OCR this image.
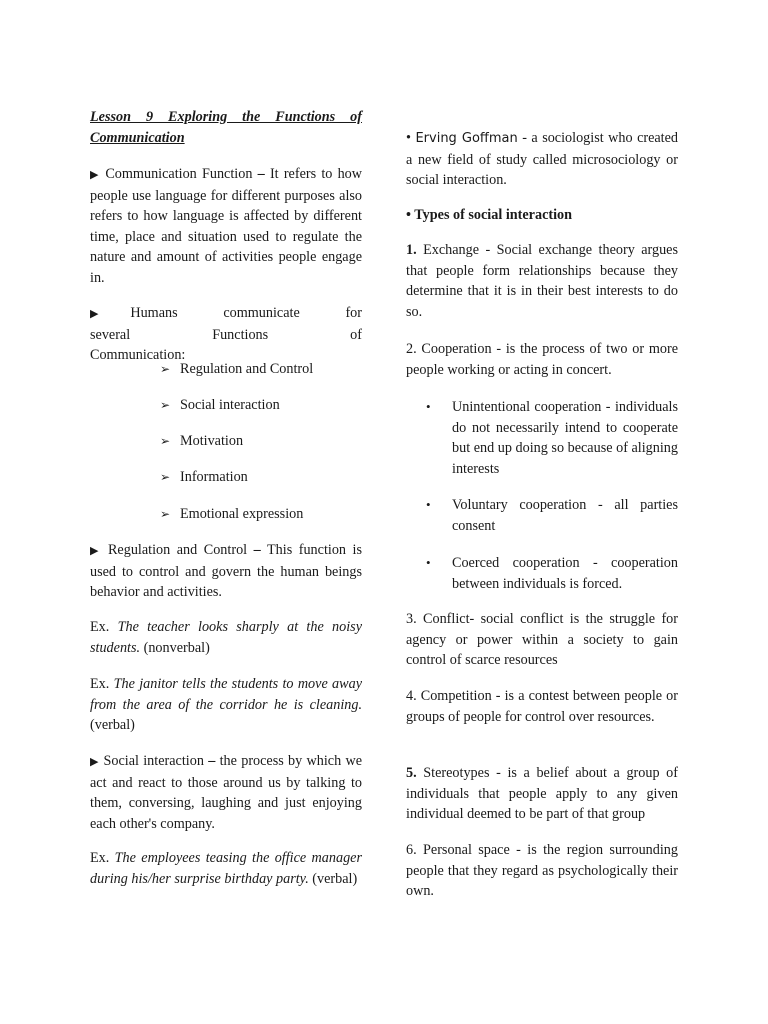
Lesson 9 Exploring the Functions of Communication

▶ Communication Function – It refers to how people use language for different purposes also refers to how language is affected by different time, place and situation used to regulate the nature and amount of activities people engage in.

▶ Humans communicate for several Functions of Communication:

➢ Regulation and Control
➢ Social interaction
➢ Motivation
➢ Information
➢ Emotional expression

▶ Regulation and Control – This function is used to control and govern the human beings behavior and activities.

Ex. The teacher looks sharply at the noisy students. (nonverbal)

Ex. The janitor tells the students to move away from the area of the corridor he is cleaning. (verbal)

▶ Social interaction – the process by which we act and react to those around us by talking to them, conversing, laughing and just enjoying each other's company.

Ex. The employees teasing the office manager during his/her surprise birthday party. (verbal)

• Erving Goffman - a sociologist who created a new field of study called microsociology or social interaction.

• Types of social interaction

1. Exchange - Social exchange theory argues that people form relationships because they determine that it is in their best interests to do so.

2. Cooperation - is the process of two or more people working or acting in concert.

• Unintentional cooperation - individuals do not necessarily intend to cooperate but end up doing so because of aligning interests

• Voluntary cooperation - all parties consent

• Coerced cooperation - cooperation between individuals is forced.

3. Conflict- social conflict is the struggle for agency or power within a society to gain control of scarce resources

4. Competition - is a contest between people or groups of people for control over resources.

5. Stereotypes - is a belief about a group of individuals that people apply to any given individual deemed to be part of that group

6. Personal space - is the region surrounding people that they regard as psychologically their own.
